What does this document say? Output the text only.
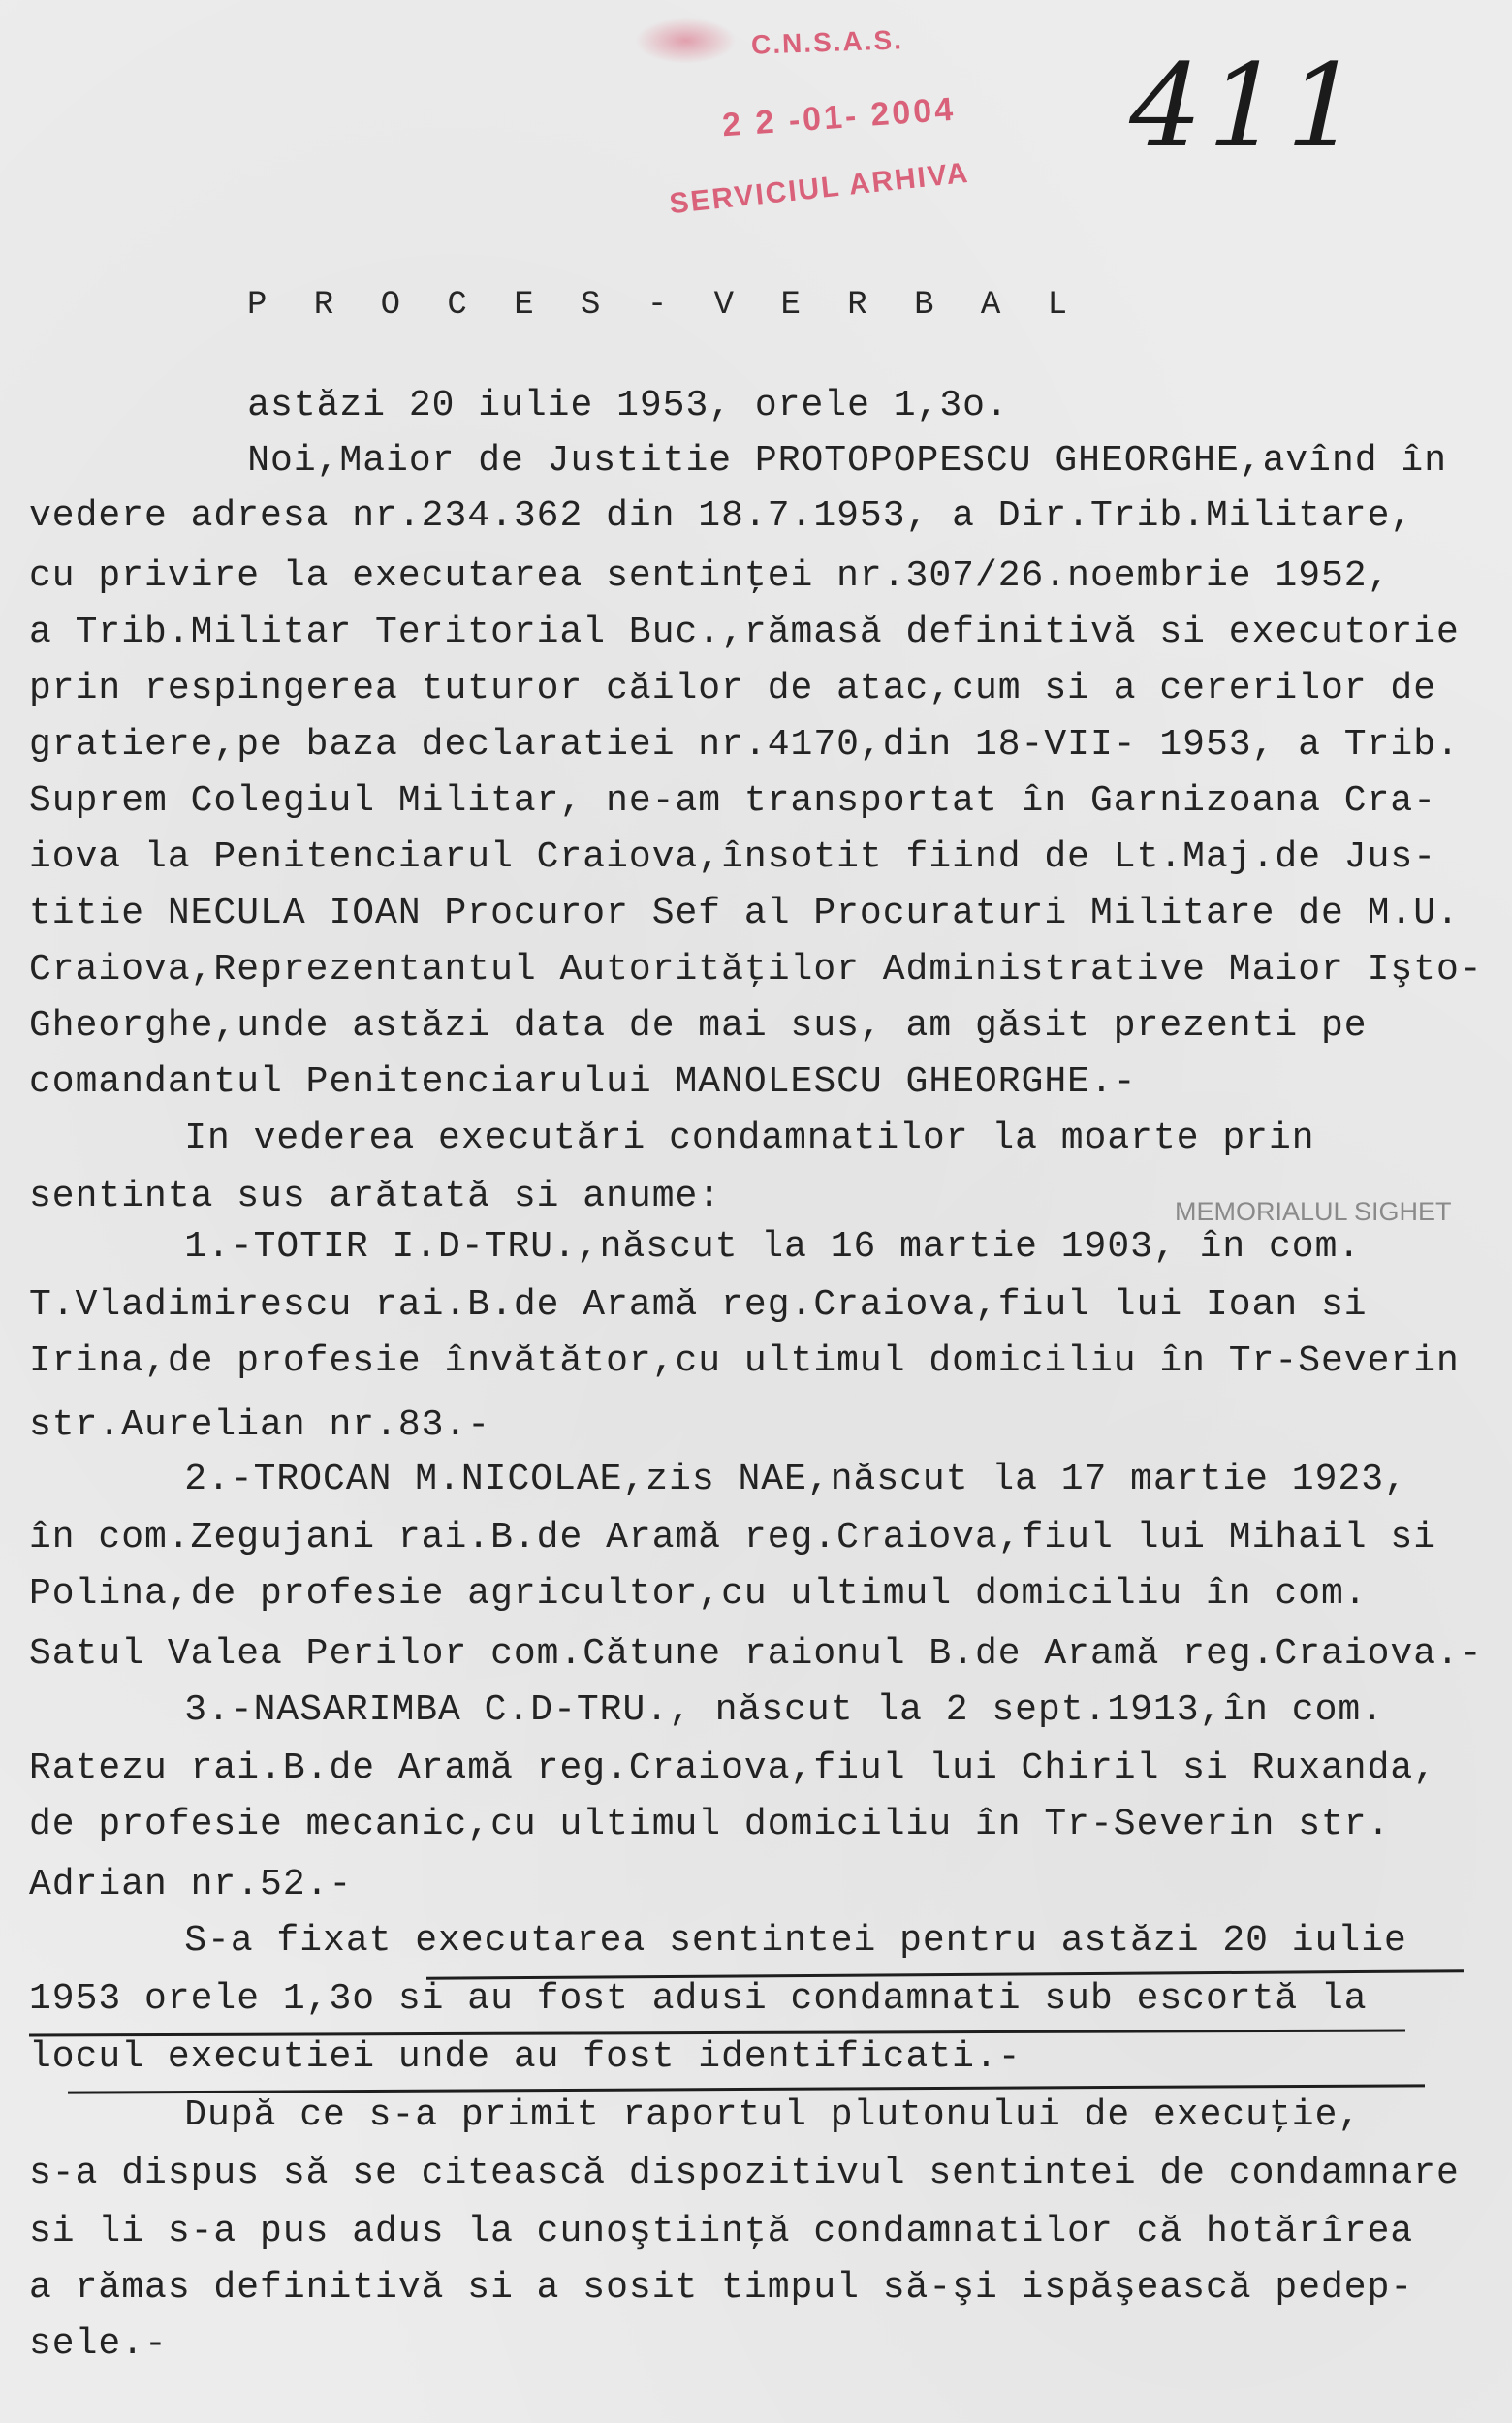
C.N.S.A.S.
2 2 -01- 2004
SERVICIUL ARHIVA
411
P R O C E S - V E R B A L
MEMORIALUL SIGHET

astăzi 20 iulie 1953, orele 1,3o.

Noi,Maior de Justitie PROTOPOPESCU GHEORGHE,avînd în

vedere adresa nr.234.362 din 18.7.1953, a Dir.Trib.Militare,

cu privire la executarea sentinţei nr.307/26.noembrie 1952,

a Trib.Militar Teritorial Buc.,rămasă definitivă si executorie

prin respingerea tuturor căilor de atac,cum si a cererilor de

gratiere,pe baza declaratiei nr.4170,din 18-VII- 1953, a Trib.

Suprem Colegiul Militar, ne-am transportat în Garnizoana Cra-

iova la Penitenciarul Craiova,însotit fiind de Lt.Maj.de Jus-

titie NECULA IOAN Procuror Sef al Procuraturi Militare de M.U.

Craiova,Reprezentantul Autorităţilor Administrative Maior Işto-

Gheorghe,unde astăzi data de mai sus, am găsit prezenti pe

comandantul Penitenciarului MANOLESCU GHEORGHE.-

In vederea executări condamnatilor la moarte prin

sentinta sus arătată si anume:

1.-TOTIR I.D-TRU.,născut la 16 martie 1903, în com.

T.Vladimirescu rai.B.de Aramă reg.Craiova,fiul lui Ioan si

Irina,de profesie învătător,cu ultimul domiciliu în Tr-Severin

str.Aurelian nr.83.-

2.-TROCAN M.NICOLAE,zis NAE,născut la 17 martie 1923,

în com.Zegujani rai.B.de Aramă reg.Craiova,fiul lui Mihail si

Polina,de profesie agricultor,cu ultimul domiciliu în com.

Satul Valea Perilor com.Cătune raionul B.de Aramă reg.Craiova.-

3.-NASARIMBA C.D-TRU., născut la 2 sept.1913,în com.

Ratezu rai.B.de Aramă reg.Craiova,fiul lui Chiril si Ruxanda,

de profesie mecanic,cu ultimul domiciliu în Tr-Severin str.

Adrian nr.52.-

S-a fixat executarea sentintei pentru astăzi 20 iulie

1953 orele 1,3o si au fost adusi condamnati sub escortă la

locul executiei unde au fost identificati.-

După ce s-a primit raportul plutonului de execuţie,

s-a dispus să se citească dispozitivul sentintei de condamnare

si li s-a pus adus la cunoştiinţă condamnatilor că hotărîrea

a rămas definitivă si a sosit timpul să-şi ispăşească pedep-

sele.-
